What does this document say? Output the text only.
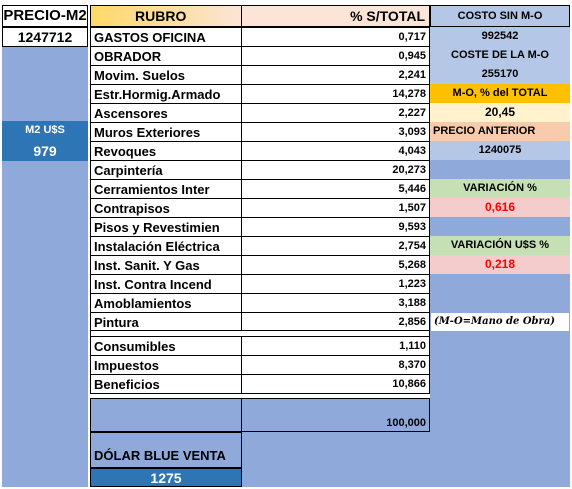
PRECIO-M2
1247712
M2 U$S
979
RUBRO	% S/TOTAL
GASTOS OFICINA	0,717
OBRADOR	0,945
Movim. Suelos	2,241
Estr.Hormig.Armado	14,278
Ascensores	2,227
Muros Exteriores	3,093
Revoques	4,043
Carpintería	20,273
Cerramientos Inter	5,446
Contrapisos	1,507
Pisos y Revestimien	9,593
Instalación Eléctrica	2,754
Inst. Sanit. Y Gas	5,268
Inst. Contra Incend	1,223
Amoblamientos	3,188
Pintura	2,856
Consumibles	1,110
Impuestos	8,370
Beneficios	10,866
100,000
DÓLAR BLUE VENTA
1275
COSTO SIN M-O
992542
COSTE DE LA M-O
255170
M-O, % del TOTAL
20,45
PRECIO ANTERIOR
1240075
VARIACIÓN %
0,616
VARIACIÓN U$S %
0,218
(M-O=Mano de Obra)
